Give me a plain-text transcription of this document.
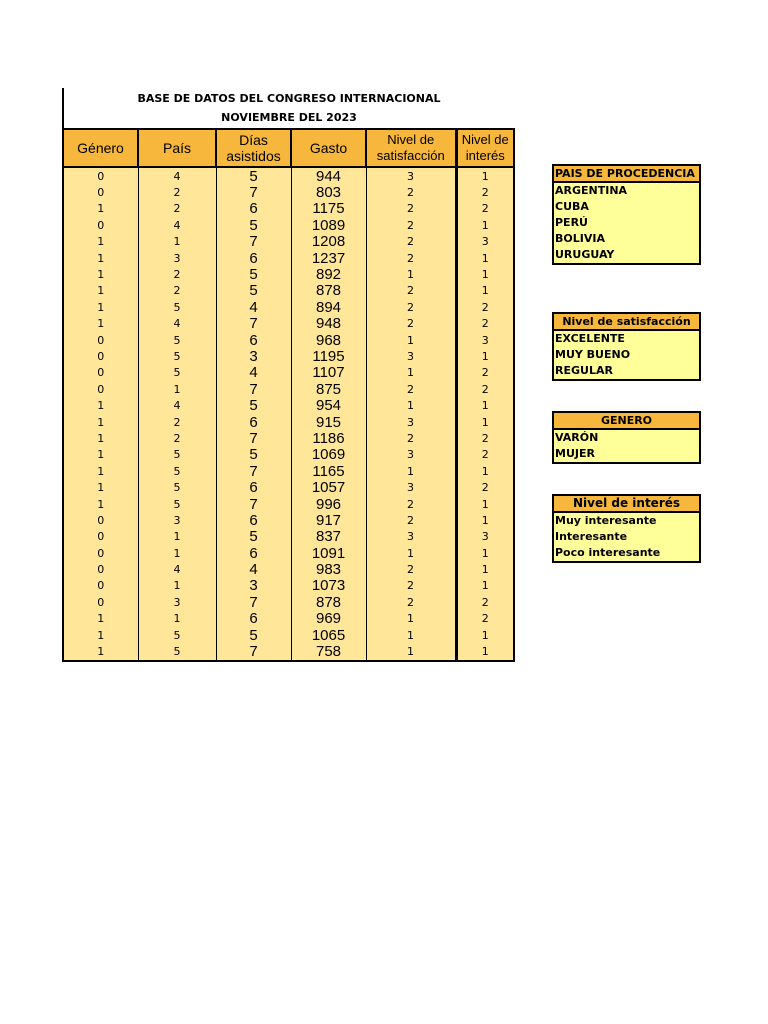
BASE DE DATOS DEL CONGRESO INTERNACIONAL
NOVIEMBRE DEL 2023
Género	País	Días asistidos	Gasto	Nivel de satisfacción	Nivel de interés
0	4	5	944	3	1
0	2	7	803	2	2
1	2	6	1175	2	2
0	4	5	1089	2	1
1	1	7	1208	2	3
1	3	6	1237	2	1
1	2	5	892	1	1
1	2	5	878	2	1
1	5	4	894	2	2
1	4	7	948	2	2
0	5	6	968	1	3
0	5	3	1195	3	1
0	5	4	1107	1	2
0	1	7	875	2	2
1	4	5	954	1	1
1	2	6	915	3	1
1	2	7	1186	2	2
1	5	5	1069	3	2
1	5	7	1165	1	1
1	5	6	1057	3	2
1	5	7	996	2	1
0	3	6	917	2	1
0	1	5	837	3	3
0	1	6	1091	1	1
0	4	4	983	2	1
0	1	3	1073	2	1
0	3	7	878	2	2
1	1	6	969	1	2
1	5	5	1065	1	1
1	5	7	758	1	1
PAIS DE PROCEDENCIA
ARGENTINA
CUBA
PERÚ
BOLIVIA
URUGUAY
Nivel de satisfacción
EXCELENTE
MUY BUENO
REGULAR
GENERO
VARÓN
MUJER
Nivel de interés
Muy interesante
Interesante
Poco interesante
